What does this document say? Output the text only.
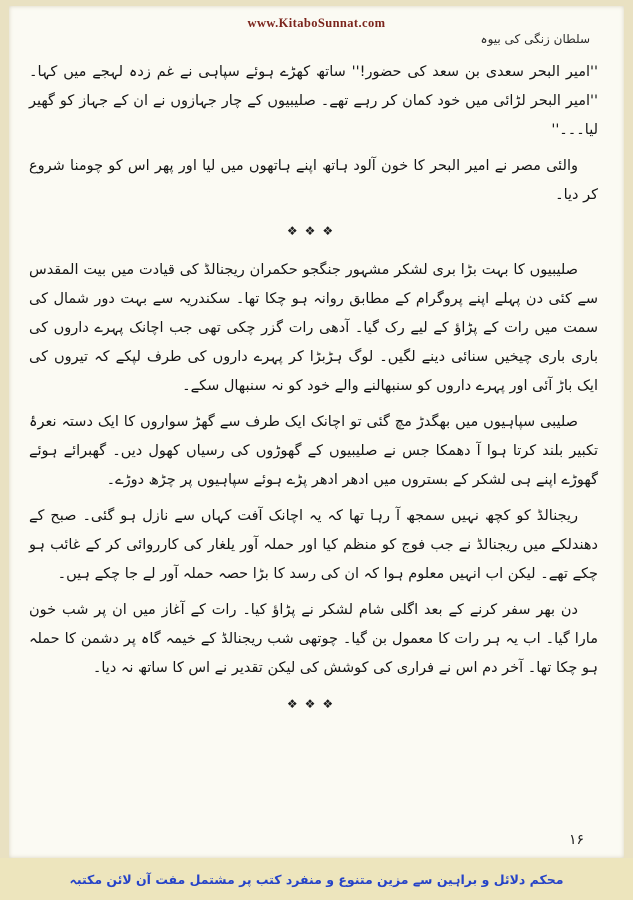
www.KitaboSunnat.com
سلطان زنگی کی بیوہ

''امیر البحر سعدی بن سعد کی حضور!'' ساتھ کھڑے ہوئے سپاہی نے غم زدہ لہجے میں کہا۔ ''امیر البحر لڑائی میں خود کمان کر رہے تھے۔ صلیبیوں کے چار جہازوں نے ان کے جہاز کو گھیر لیا۔۔۔''

والئی مصر نے امیر البحر کا خون آلود ہاتھ اپنے ہاتھوں میں لیا اور پھر اس کو چومنا شروع کر دیا۔

❖❖❖

صلیبیوں کا بہت بڑا بری لشکر مشہور جنگجو حکمران ریجنالڈ کی قیادت میں بیت المقدس سے کئی دن پہلے اپنے پروگرام کے مطابق روانہ ہو چکا تھا۔ سکندریہ سے بہت دور شمال کی سمت میں رات کے پڑاؤ کے لیے رک گیا۔ آدھی رات گزر چکی تھی جب اچانک پہرے داروں کی باری باری چیخیں سنائی دینے لگیں۔ لوگ ہڑبڑا کر پہرے داروں کی طرف لپکے کہ تیروں کی ایک باڑ آئی اور پہرے داروں کو سنبھالنے والے خود کو نہ سنبھال سکے۔

صلیبی سپاہیوں میں بھگدڑ مچ گئی تو اچانک ایک طرف سے گھڑ سواروں کا ایک دستہ نعرۂ تکبیر بلند کرتا ہوا آ دھمکا جس نے صلیبیوں کے گھوڑوں کی رسیاں کھول دیں۔ گھبرائے ہوئے گھوڑے اپنے ہی لشکر کے بستروں میں ادھر ادھر پڑے ہوئے سپاہیوں پر چڑھ دوڑے۔

ریجنالڈ کو کچھ نہیں سمجھ آ رہا تھا کہ یہ اچانک آفت کہاں سے نازل ہو گئی۔ صبح کے دھندلکے میں ریجنالڈ نے جب فوج کو منظم کیا اور حملہ آور یلغار کی کارروائی کر کے غائب ہو چکے تھے۔ لیکن اب انہیں معلوم ہوا کہ ان کی رسد کا بڑا حصہ حملہ آور لے جا چکے ہیں۔

دن بھر سفر کرنے کے بعد اگلی شام لشکر نے پڑاؤ کیا۔ رات کے آغاز میں ان پر شب خون مارا گیا۔ اب یہ ہر رات کا معمول بن گیا۔ چوتھی شب ریجنالڈ کے خیمہ گاہ پر دشمن کا حملہ ہو چکا تھا۔ آخر دم اس نے فراری کی کوشش کی لیکن تقدیر نے اس کا ساتھ نہ دیا۔

❖❖❖
۱۶
محکم دلائل و براہین سے مزین متنوع و منفرد کتب پر مشتمل مفت آن لائن مکتبہ
